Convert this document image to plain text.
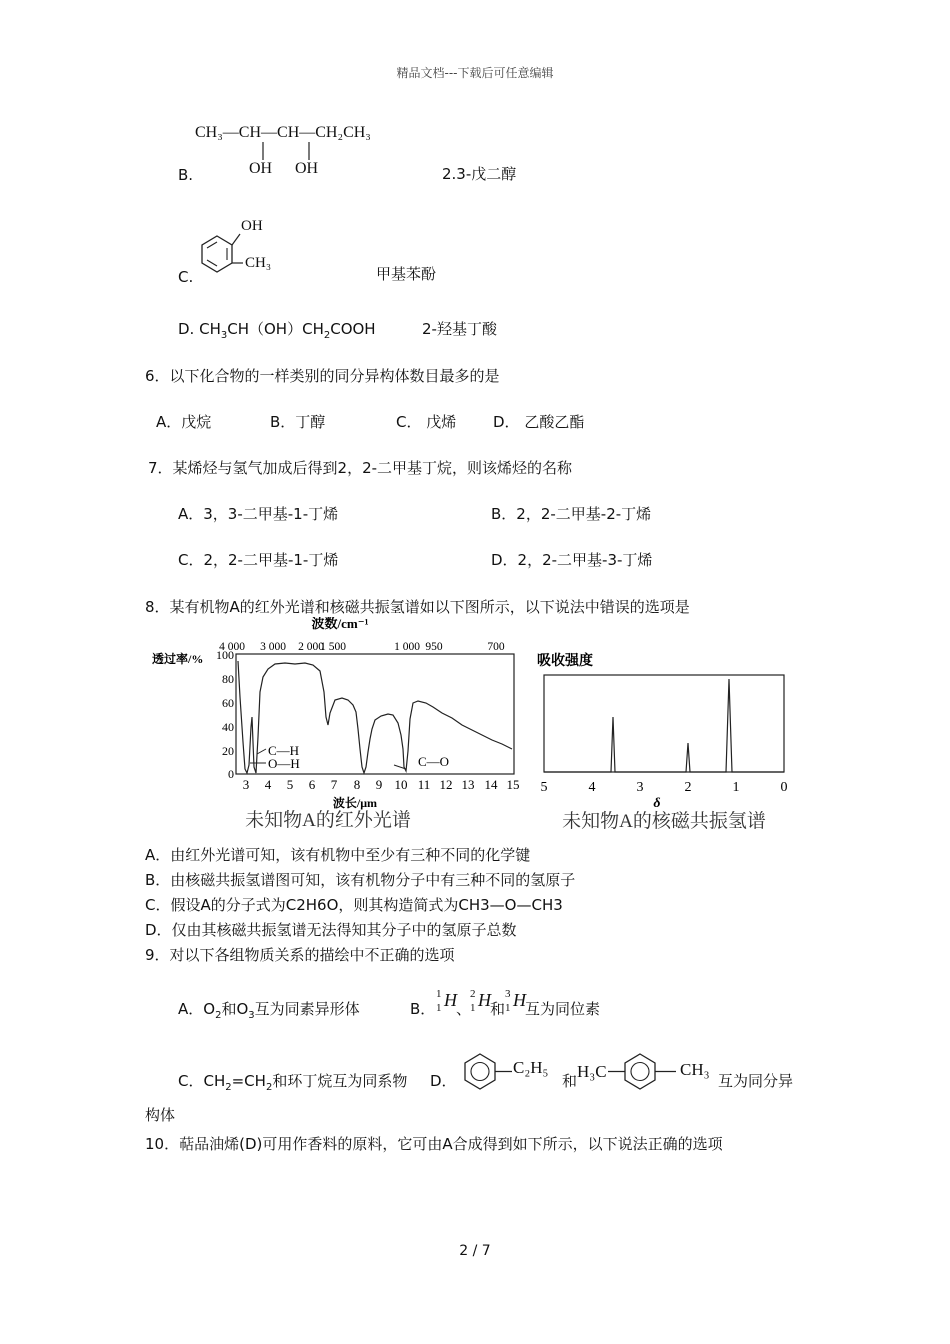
精品文档---下载后可任意编辑
CH₃—CH—CH—CH₂CH₃
OH OH
B.	2.3-戊二醇
OH
CH₃
C.	甲基苯酚
D. $CH_3CH(OH)CH_2COOH$	2-羟基丁酸
6．以下化合物的一样类别的同分异构体数目最多的是
A．戊烷	B．丁醇	C． 戊烯 D． 乙酸乙酯
7．某烯烃与氢气加成后得到2，2-二甲基丁烷，则该烯烃的名称
A．3，3-二甲基-1-丁烯	B．2，2-二甲基-2-丁烯
C．2，2-二甲基-1-丁烯	D．2，2-二甲基-3-丁烯
8．某有机物A的红外光谱和核磁共振氢谱如以下图所示，以下说法中错误的选项是
波数/cm⁻¹
4 000 3 000 2 000
1 500	1 000 950	700
透过率/% 100
80
60
40
20
0
3 4 5 6 7 8 9 10 11 12 13 14 15
波长/μm
C—H
O—H	C—O
未知物A的红外光谱
吸收强度
5	4	3	2	1	0
δ
未知物A的核磁共振氢谱
A．由红外光谱可知，该有机物中至少有三种不同的化学键
B．由核磁共振氢谱图可知，该有机物分子中有三种不同的氢原子
C．假设A的分子式为C2H6O，则其构造简式为CH3—O—CH3
D．仅由其核磁共振氢谱无法得知其分子中的氢原子总数
9．对以下各组物质关系的描绘中不正确的选项
A．$O_2$和$O_3$互为同素异形体	B．
1
1 H 、
2
1 H 和
3
1 H 互为同位素
C．$CH_2=CH_2$和环丁烷互为同系物 D．
C₂H₅
和 H₃C	CH₃
互为同分异
构体
10．萜品油烯(D)可用作香料的原料，它可由A合成得到如下所示，以下说法正确的选项
2 / 7
